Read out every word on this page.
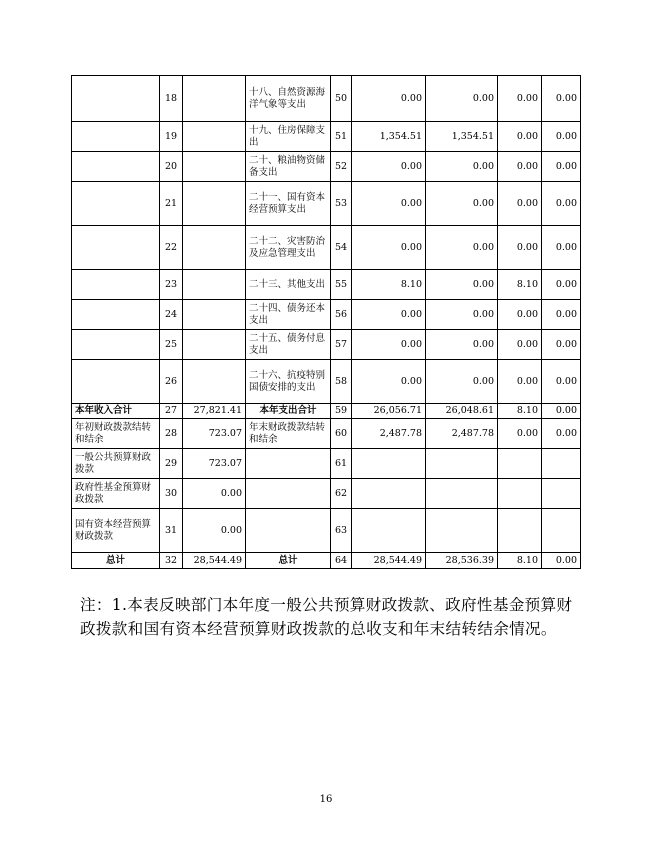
	18		十八、自然资源海洋气象等支出	50	0.00	0.00	0.00	0.00
	19		十九、住房保障支出	51	1,354.51	1,354.51	0.00	0.00
	20		二十、粮油物资储备支出	52	0.00	0.00	0.00	0.00
	21		二十一、国有资本经营预算支出	53	0.00	0.00	0.00	0.00
	22		二十二、灾害防治及应急管理支出	54	0.00	0.00	0.00	0.00
	23		二十三、其他支出	55	8.10	0.00	8.10	0.00
	24		二十四、债务还本支出	56	0.00	0.00	0.00	0.00
	25		二十五、债务付息支出	57	0.00	0.00	0.00	0.00
	26		二十六、抗疫特别国债安排的支出	58	0.00	0.00	0.00	0.00
本年收入合计	27	27,821.41	本年支出合计	59	26,056.71	26,048.61	8.10	0.00
年初财政拨款结转和结余	28	723.07	年末财政拨款结转和结余	60	2,487.78	2,487.78	0.00	0.00
一般公共预算财政拨款	29	723.07		61				
政府性基金预算财政拨款	30	0.00		62				
国有资本经营预算财政拨款	31	0.00		63				
总计	32	28,544.49	总计	64	28,544.49	28,536.39	8.10	0.00
注：1.本表反映部门本年度一般公共预算财政拨款、政府性基金预算财政拨款和国有资本经营预算财政拨款的总收支和年末结转结余情况。
16
